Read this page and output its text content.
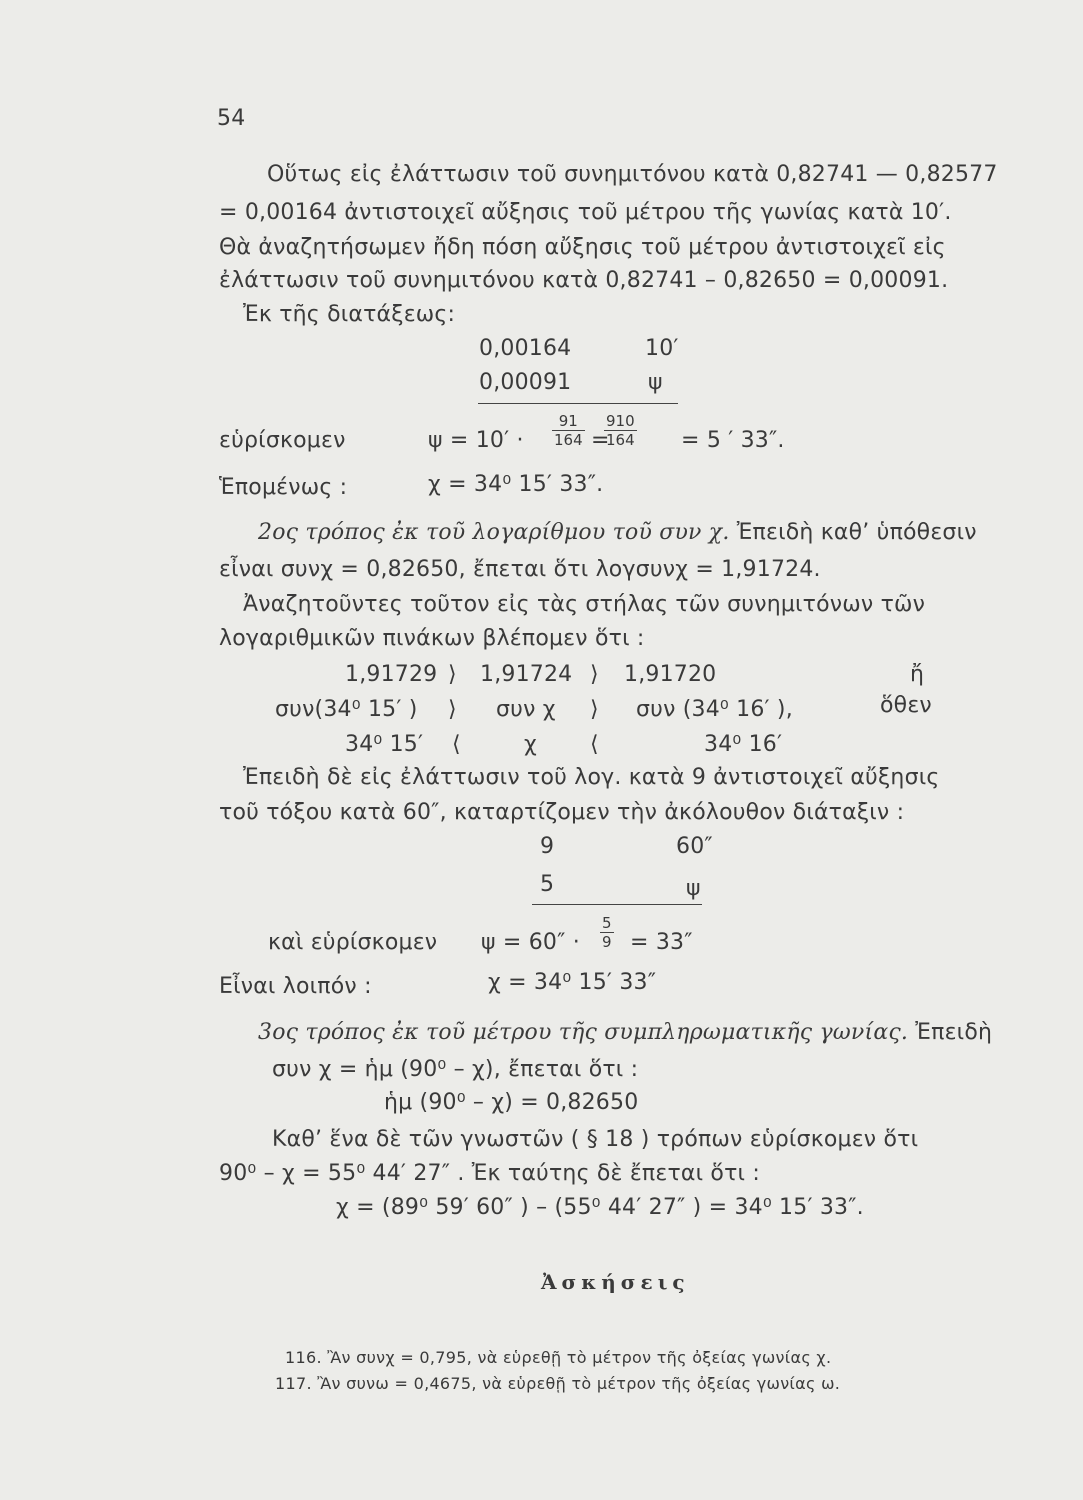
54
Οὕτως εἰς ἐλάττωσιν τοῦ συνημιτόνου κατὰ 0,82741 — 0,82577
= 0,00164 ἀντιστοιχεῖ αὔξησις τοῦ μέτρου τῆς γωνίας κατὰ 10′.
Θὰ ἀναζητήσωμεν ἤδη πόση αὔξησις τοῦ μέτρου ἀντιστοιχεῖ εἰς
ἐλάττωσιν τοῦ συνημιτόνου κατὰ 0,82741 – 0,82650 = 0,00091.
Ἐκ τῆς διατάξεως:
0,00164	10′
0,00091	ψ
εὑρίσκομεν	$\psi = 10' \cdot \frac{91}{164}$ =
$\frac{910}{164} = 5$ ′ 33″.
Ἑπομένως :	χ = 34⁰ 15′ 33″.
2ος τρόπος ἐκ τοῦ λογαρίθμου τοῦ συν χ. Ἐπειδὴ καθ’ ὑπόθεσιν
εἶναι συνχ = 0,82650, ἔπεται ὅτι λογσυνχ = 1,91724.
Ἀναζητοῦντες τοῦτον εἰς τὰς στήλας τῶν συνημιτόνων τῶν
λογαριθμικῶν πινάκων βλέπομεν ὅτι :
1,91729 ⟩ 1,91724 ⟩ 1,91720	ἤ
συν(34⁰ 15′ ) ⟩ συν χ ⟩ συν (34⁰ 16′ ),	ὅθεν
34⁰ 15′ ⟨	χ ⟨	34⁰ 16′
Ἐπειδὴ δὲ εἰς ἐλάττωσιν τοῦ λογ. κατὰ 9 ἀντιστοιχεῖ αὔξησις
τοῦ τόξου κατὰ 60″, καταρτίζομεν τὴν ἀκόλουθον διάταξιν :
9	60″
5	ψ
καὶ εὑρίσκομεν $\psi = 60'' \cdot \frac{5}{9} = 33''$
Εἶναι λοιπόν :	χ = 34⁰ 15′ 33″
3ος τρόπος ἐκ τοῦ μέτρου τῆς συμπληρωματικῆς γωνίας. Ἐπειδὴ
συν χ = ἡμ (90⁰ – χ), ἔπεται ὅτι :
ἡμ (90⁰ – χ) = 0,82650
Καθ’ ἕνα δὲ τῶν γνωστῶν ( § 18 ) τρόπων εὑρίσκομεν ὅτι
90⁰ – χ = 55⁰ 44′ 27″ . Ἐκ ταύτης δὲ ἔπεται ὅτι :
χ = (89⁰ 59′ 60″ ) – (55⁰ 44′ 27″ ) = 34⁰ 15′ 33″.
Ἀσκήσεις
116. Ἂν συνχ = 0,795, νὰ εὑρεθῇ τὸ μέτρον τῆς ὀξείας γωνίας χ.
117. Ἂν συνω = 0,4675, νὰ εὑρεθῇ τὸ μέτρον τῆς ὀξείας γωνίας ω.
